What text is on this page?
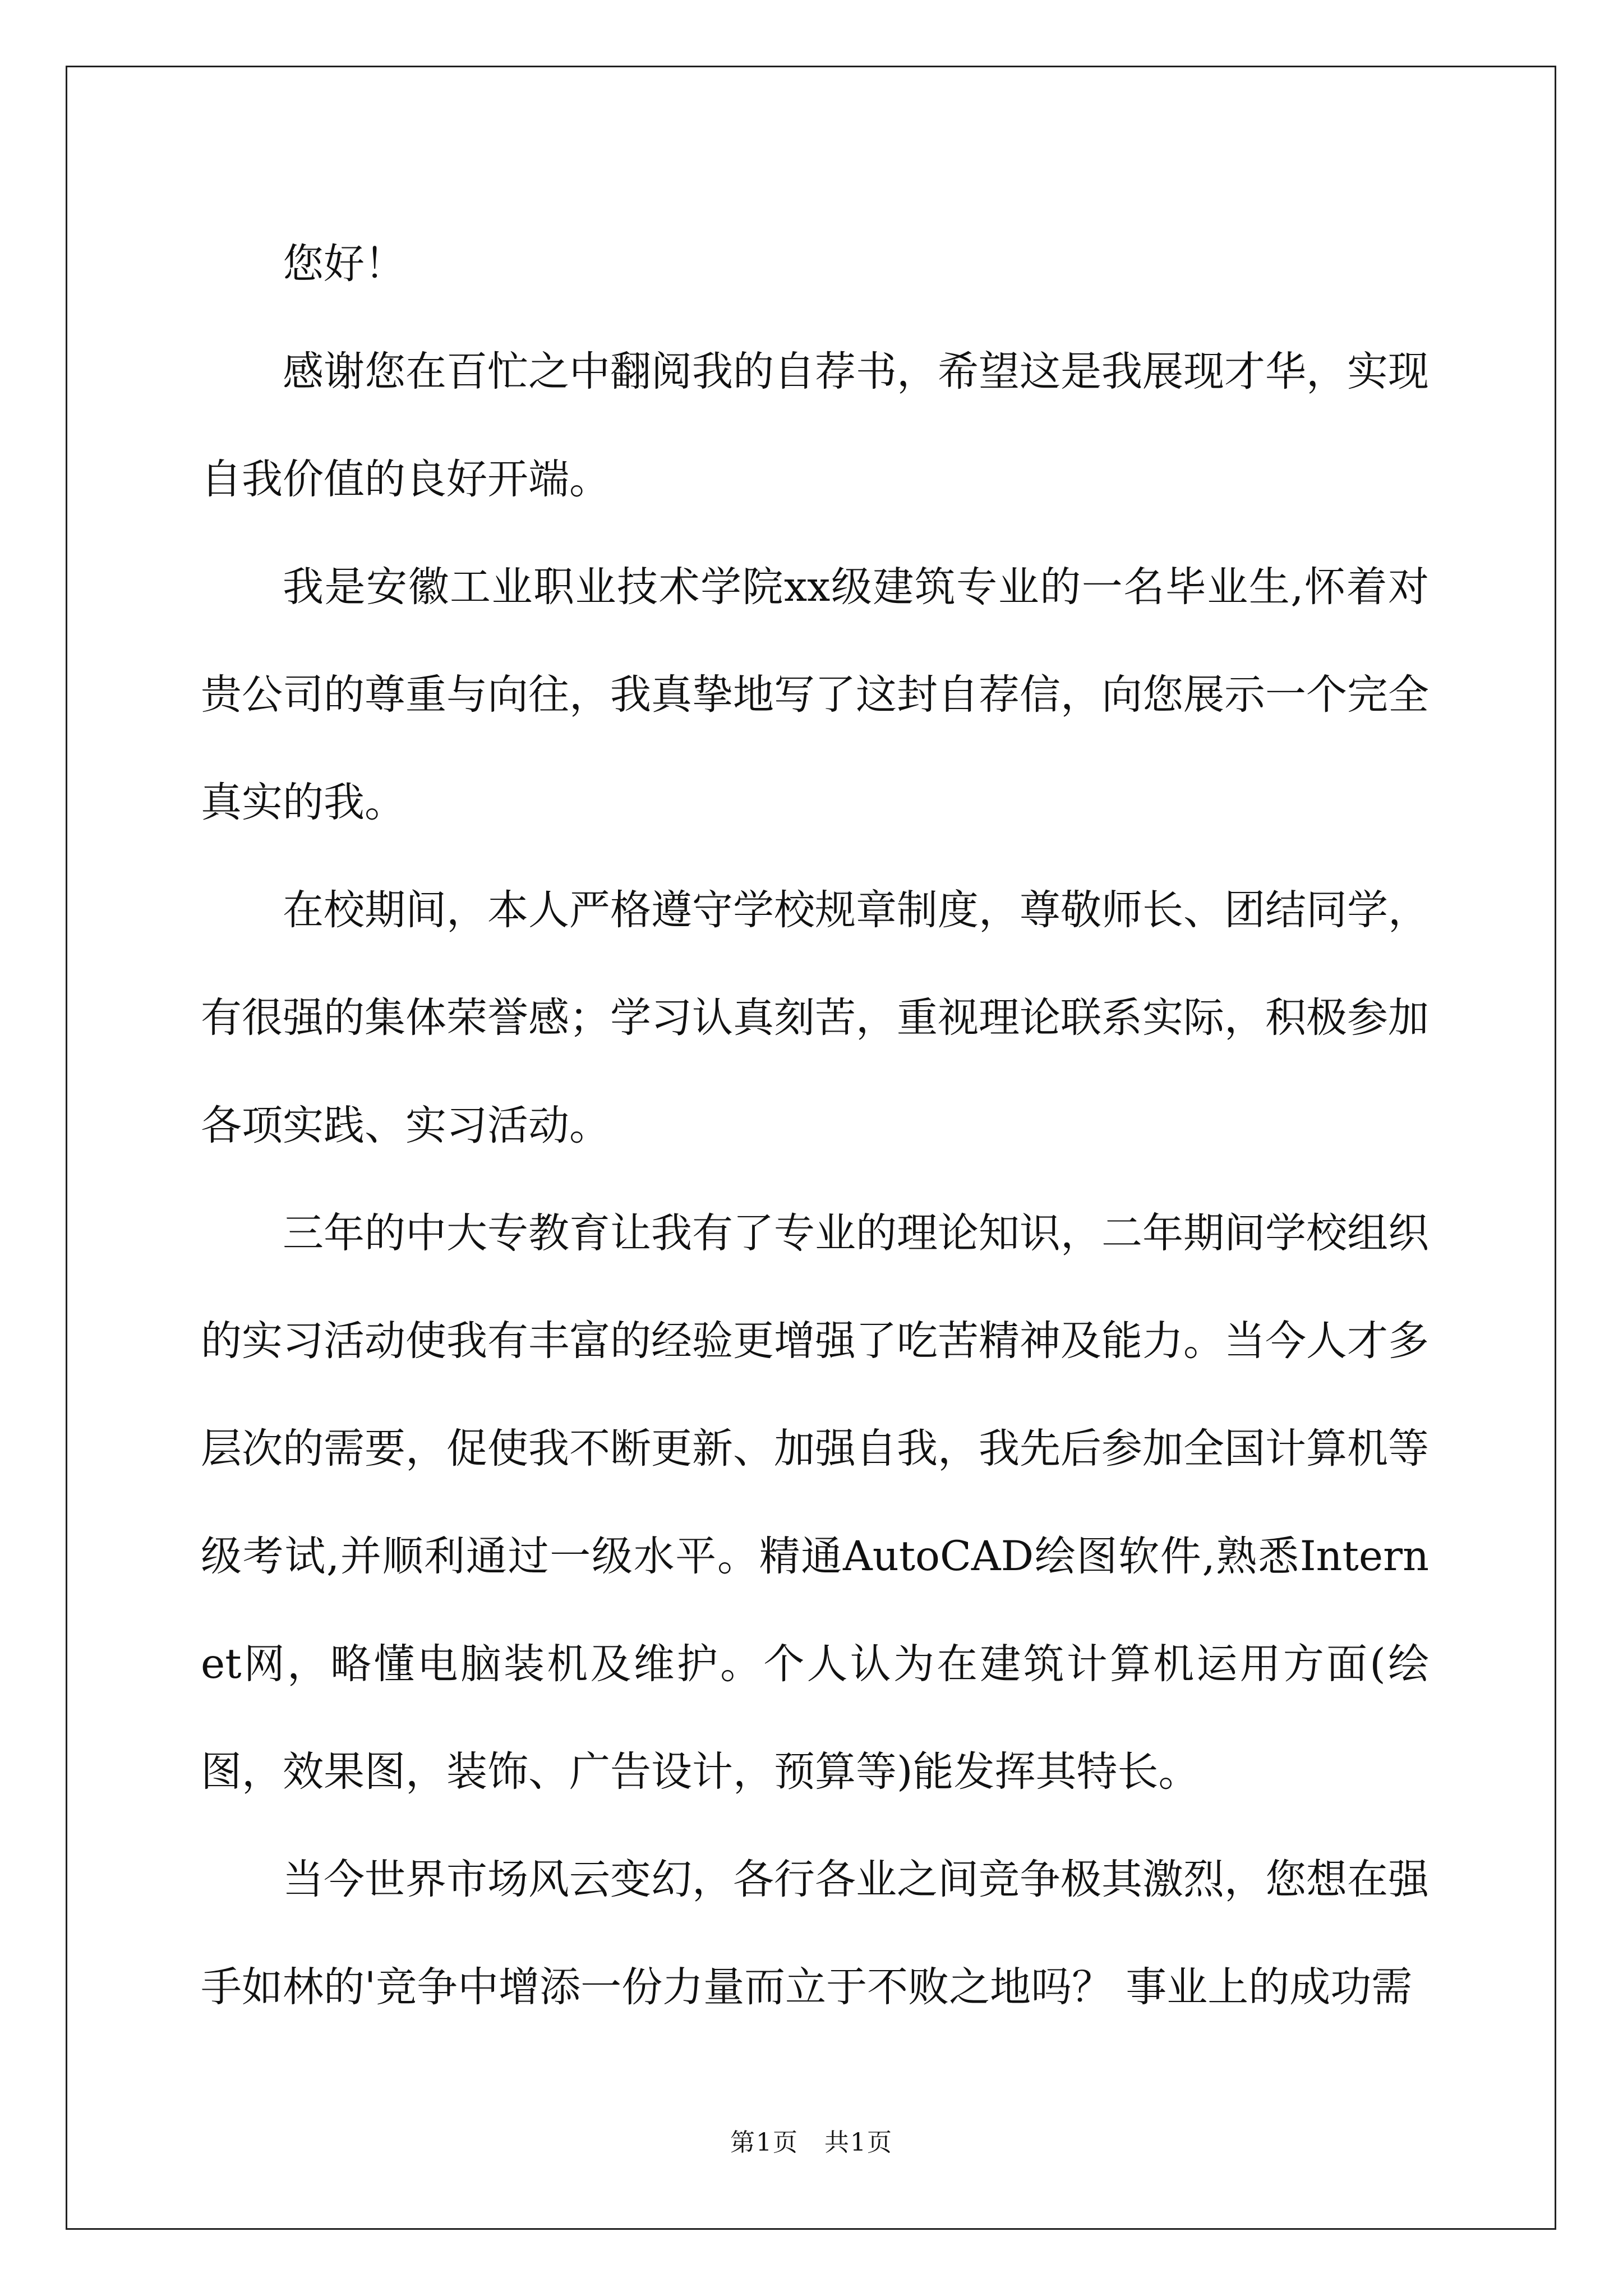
您好！

感谢您在百忙之中翻阅我的自荐书，希望这是我展现才华，实现自我价值的良好开端。

我是安徽工业职业技术学院xx级建筑专业的一名毕业生,怀着对贵公司的尊重与向往，我真挚地写了这封自荐信，向您展示一个完全真实的我。

在校期间，本人严格遵守学校规章制度，尊敬师长、团结同学，有很强的集体荣誉感；学习认真刻苦，重视理论联系实际，积极参加各项实践、实习活动。

三年的中大专教育让我有了专业的理论知识，二年期间学校组织的实习活动使我有丰富的经验更增强了吃苦精神及能力。当今人才多层次的需要，促使我不断更新、加强自我，我先后参加全国计算机等级考试,并顺利通过一级水平。精通AutoCAD绘图软件,熟悉Internet网，略懂电脑装机及维护。个人认为在建筑计算机运用方面(绘图，效果图，装饰、广告设计，预算等)能发挥其特长。

当今世界市场风云变幻，各行各业之间竞争极其激烈，您想在强手如林的'竞争中增添一份力量而立于不败之地吗？ 事业上的成功需

第1页　共1页
